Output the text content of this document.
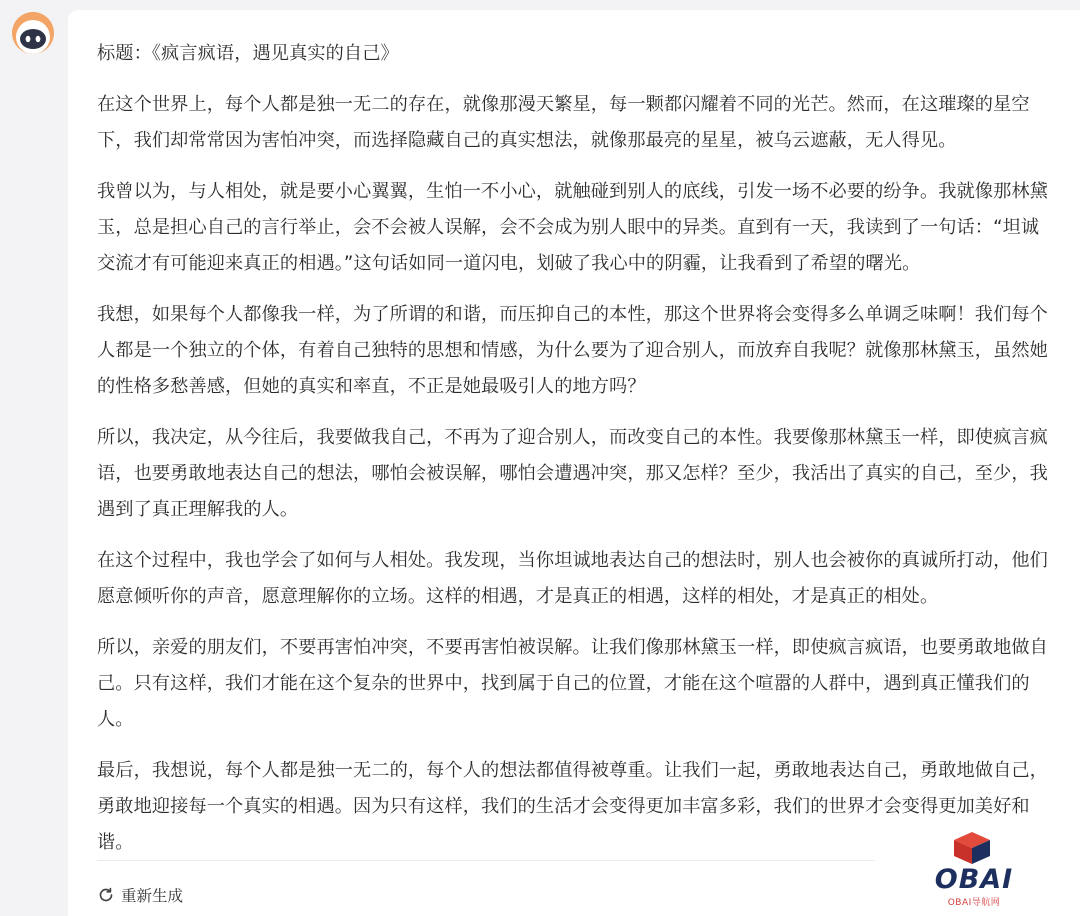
标题：《疯言疯语，遇见真实的自己》

在这个世界上，每个人都是独一无二的存在，就像那漫天繁星，每一颗都闪耀着不同的光芒。然而，在这璀璨的星空下，我们却常常因为害怕冲突，而选择隐藏自己的真实想法，就像那最亮的星星，被乌云遮蔽，无人得见。

我曾以为，与人相处，就是要小心翼翼，生怕一不小心，就触碰到别人的底线，引发一场不必要的纷争。我就像那林黛玉，总是担心自己的言行举止，会不会被人误解，会不会成为别人眼中的异类。直到有一天，我读到了一句话：“坦诚交流才有可能迎来真正的相遇。”这句话如同一道闪电，划破了我心中的阴霾，让我看到了希望的曙光。

我想，如果每个人都像我一样，为了所谓的和谐，而压抑自己的本性，那这个世界将会变得多么单调乏味啊！我们每个人都是一个独立的个体，有着自己独特的思想和情感，为什么要为了迎合别人，而放弃自我呢？就像那林黛玉，虽然她的性格多愁善感，但她的真实和率直，不正是她最吸引人的地方吗？

所以，我决定，从今往后，我要做我自己，不再为了迎合别人，而改变自己的本性。我要像那林黛玉一样，即使疯言疯语，也要勇敢地表达自己的想法，哪怕会被误解，哪怕会遭遇冲突，那又怎样？至少，我活出了真实的自己，至少，我遇到了真正理解我的人。

在这个过程中，我也学会了如何与人相处。我发现，当你坦诚地表达自己的想法时，别人也会被你的真诚所打动，他们愿意倾听你的声音，愿意理解你的立场。这样的相遇，才是真正的相遇，这样的相处，才是真正的相处。

所以，亲爱的朋友们，不要再害怕冲突，不要再害怕被误解。让我们像那林黛玉一样，即使疯言疯语，也要勇敢地做自己。只有这样，我们才能在这个复杂的世界中，找到属于自己的位置，才能在这个喧嚣的人群中，遇到真正懂我们的人。

最后，我想说，每个人都是独一无二的，每个人的想法都值得被尊重。让我们一起，勇敢地表达自己，勇敢地做自己，勇敢地迎接每一个真实的相遇。因为只有这样，我们的生活才会变得更加丰富多彩，我们的世界才会变得更加美好和谐。

重新生成
OBAI
OBAI导航网
